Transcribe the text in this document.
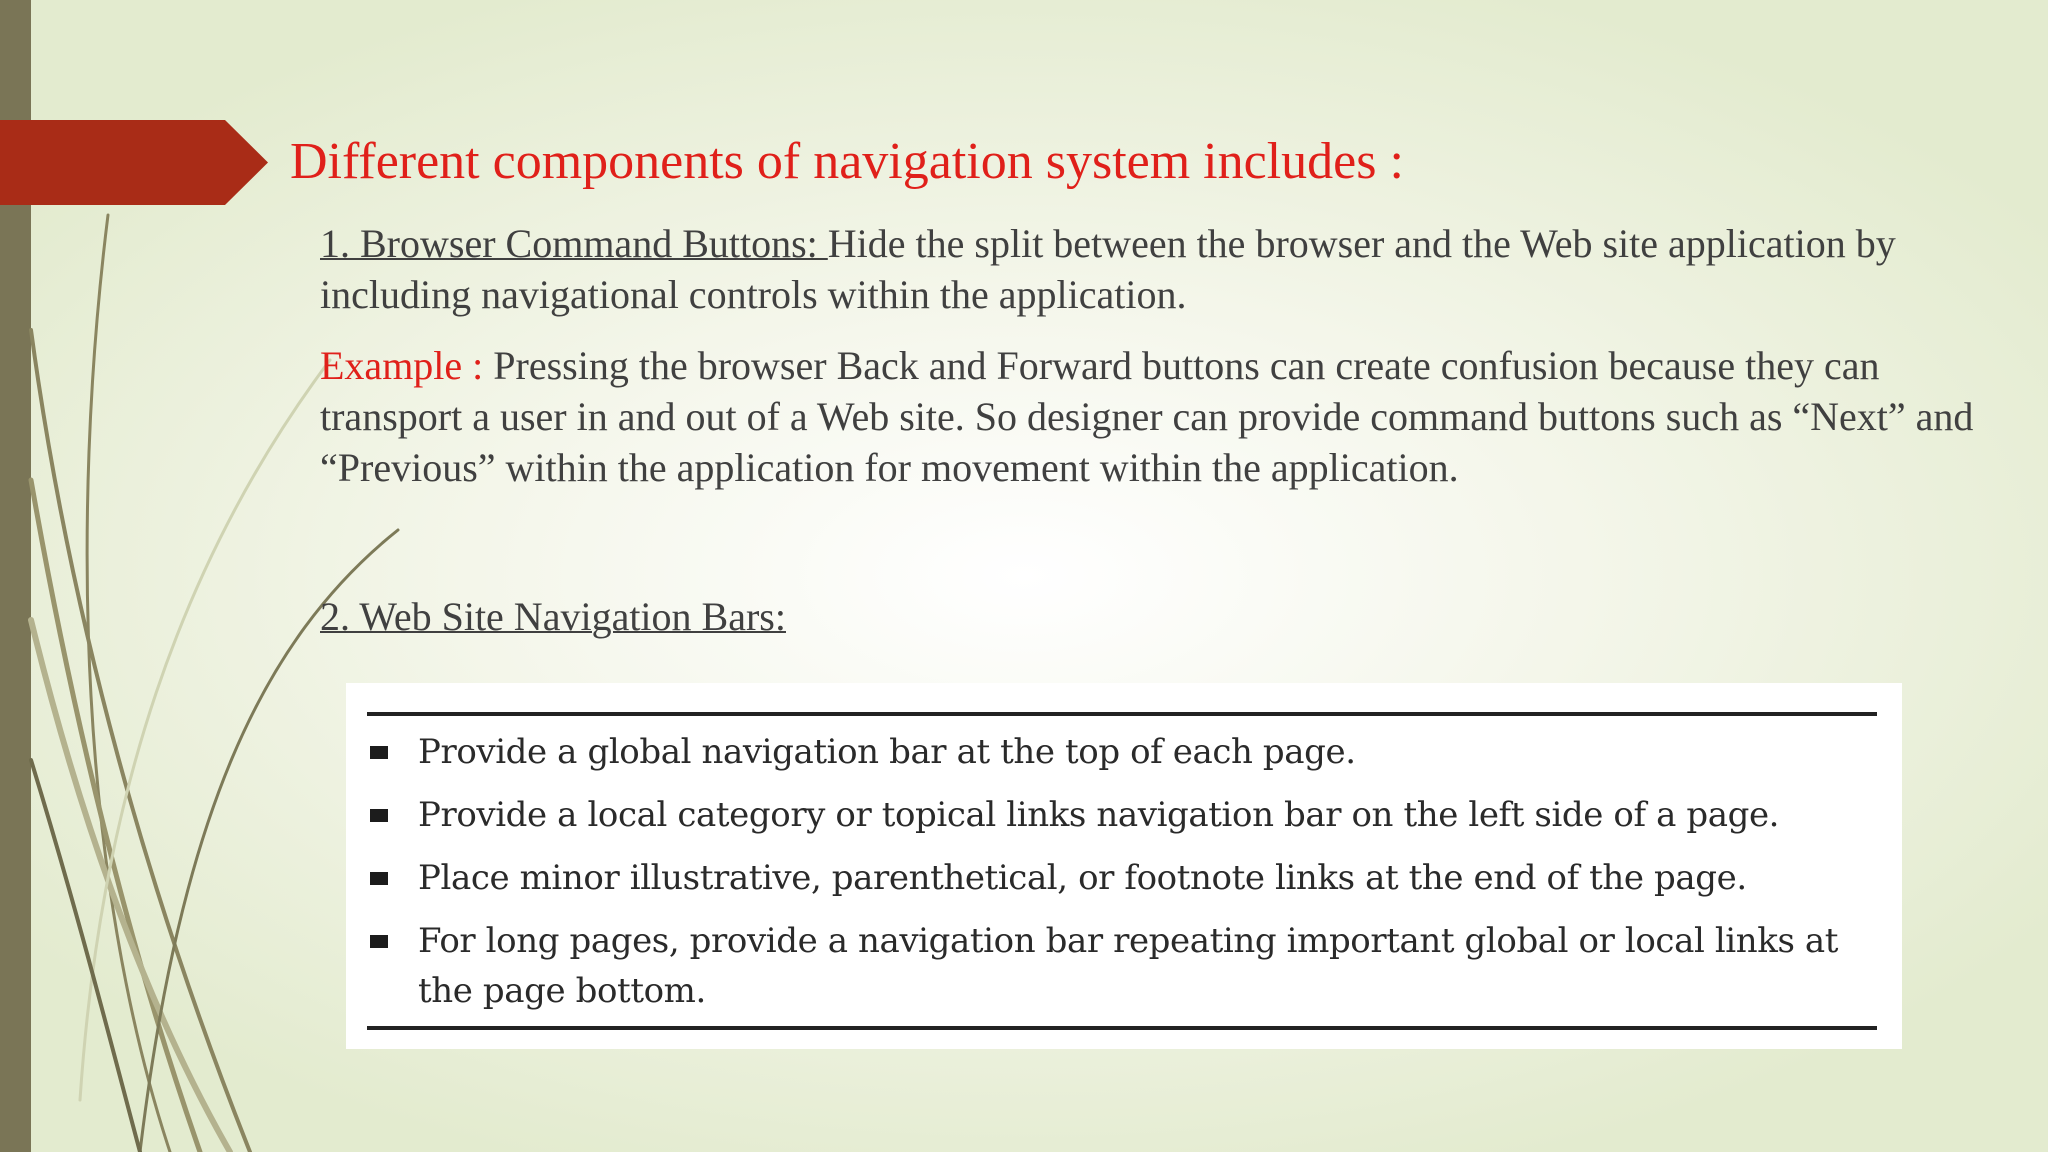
Different components of navigation system includes :

1. Browser Command Buttons: Hide the split between the browser and the Web site application by including navigational controls within the application.

Example : Pressing the browser Back and Forward buttons can create confusion because they can transport a user in and out of a Web site. So designer can provide command buttons such as “Next” and “Previous” within the application for movement within the application.

2. Web Site Navigation Bars:

Provide a global navigation bar at the top of each page.
Provide a local category or topical links navigation bar on the left side of a page.
Place minor illustrative, parenthetical, or footnote links at the end of the page.
For long pages, provide a navigation bar repeating important global or local links at the page bottom.
